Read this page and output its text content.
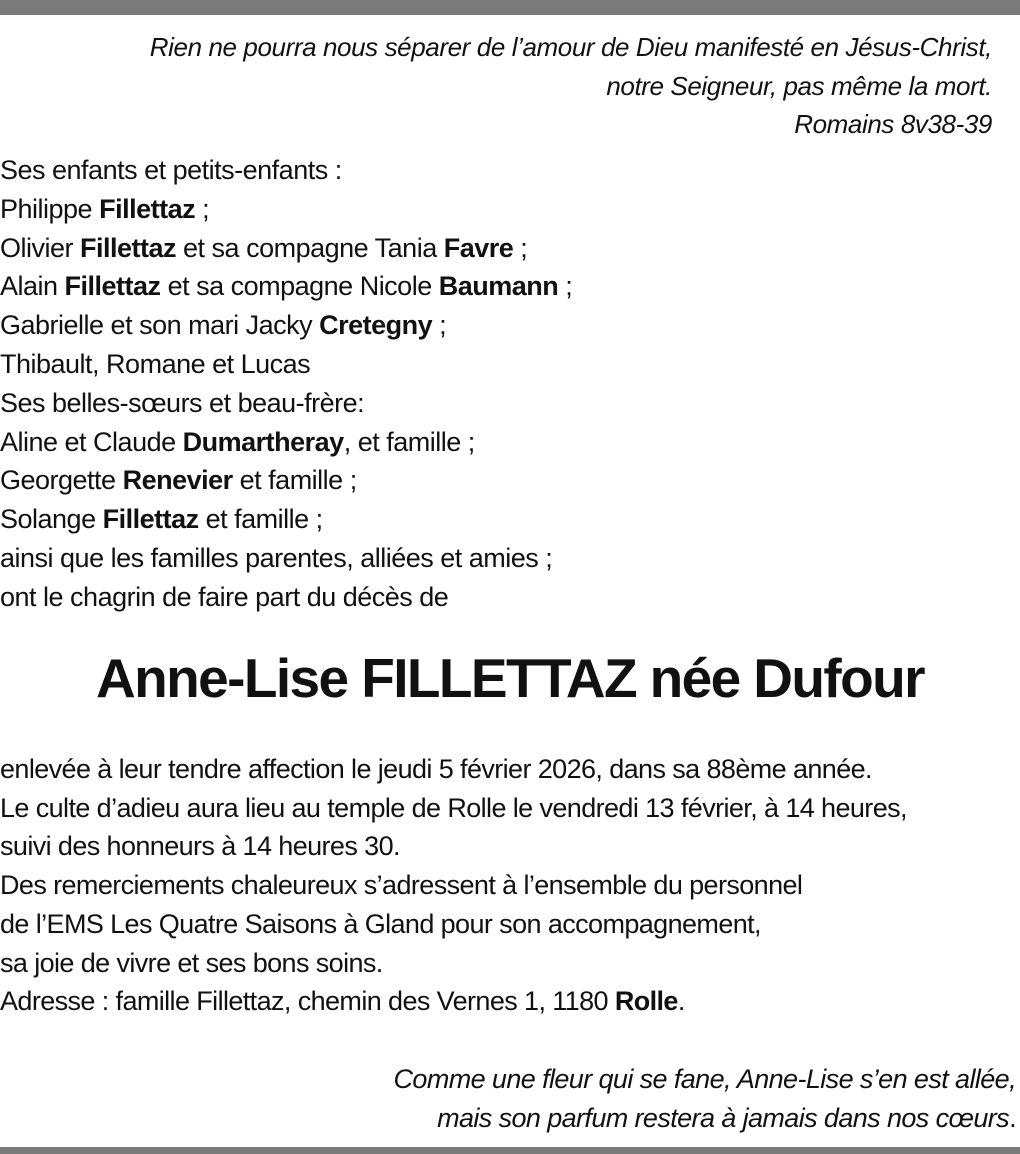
Rien ne pourra nous séparer de l’amour de Dieu manifesté en Jésus-Christ,
notre Seigneur, pas même la mort.
Romains 8v38-39
Ses enfants et petits-enfants :
Philippe Fillettaz ;
Olivier Fillettaz et sa compagne Tania Favre ;
Alain Fillettaz et sa compagne Nicole Baumann ;
Gabrielle et son mari Jacky Cretegny ;
Thibault, Romane et Lucas
Ses belles-sœurs et beau-frère:
Aline et Claude Dumartheray, et famille ;
Georgette Renevier et famille ;
Solange Fillettaz et famille ;
ainsi que les familles parentes, alliées et amies ;
ont le chagrin de faire part du décès de
Anne-Lise FILLETTAZ née Dufour
enlevée à leur tendre affection le jeudi 5 février 2026, dans sa 88ème année.
Le culte d’adieu aura lieu au temple de Rolle le vendredi 13 février, à 14 heures,
suivi des honneurs à 14 heures 30.
Des remerciements chaleureux s’adressent à l’ensemble du personnel
de l’EMS Les Quatre Saisons à Gland pour son accompagnement,
sa joie de vivre et ses bons soins.
Adresse : famille Fillettaz, chemin des Vernes 1, 1180 Rolle.
Comme une fleur qui se fane, Anne-Lise s’en est allée,
mais son parfum restera à jamais dans nos cœurs.
